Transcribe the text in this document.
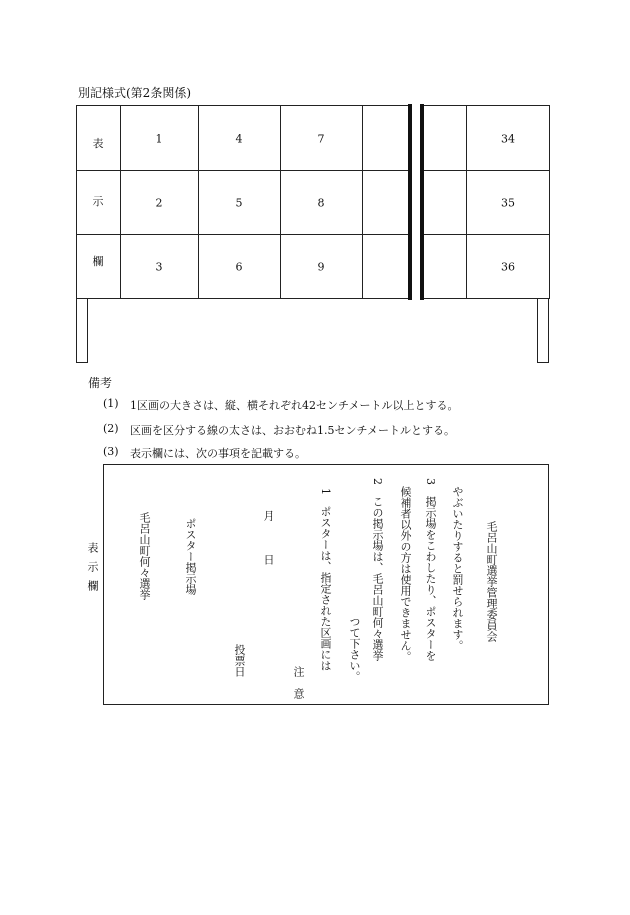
別記様式(第2条関係)
表
示
欄
1	4	7	34
2	5	8	35
3	6	9	36
備考
(1) 1区画の大きさは、縦、横それぞれ42センチメートル以上とする。
(2) 区画を区分する線の太さは、おおむね1.5センチメートルとする。
(3) 表示欄には、次の事項を記載する。
表示欄	毛呂山町何々選挙	ポスター掲示場
投票日
月　　　日
注　意
1　ポスターは、指定された区画には つて下さい。 2　この掲示場は、毛呂山町何々選挙 候補者以外の方は使用できません。 3　掲示場をこわしたり、ポスターを やぶいたりすると罰せられます。 毛呂山町選挙管理委員会
